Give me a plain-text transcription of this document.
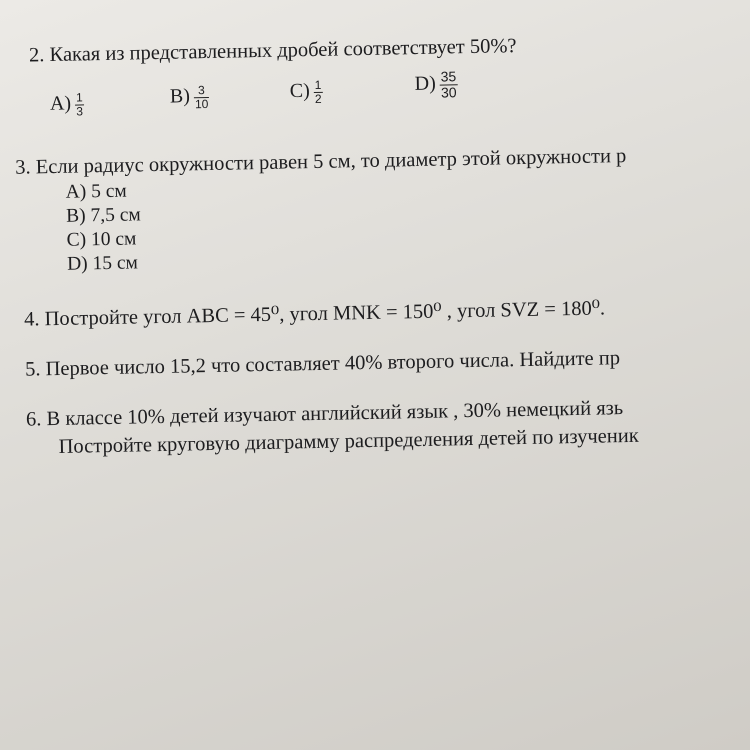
2. Какая из представленных дробей соответствует 50%?
$A) \frac{1}{3}$	$B) \frac{3}{10}$	$C) \frac{1}{2}$	$D) \frac{35}{30}$
3. Если радиус окружности равен 5 см, то диаметр этой окружности р
A) 5 см
B) 7,5 см
C) 10 см
D) 15 см
4. Постройте угол ABC = 45⁰, угол MNK = 150⁰ , угол SVZ = 180⁰.
5. Первое число 15,2 что составляет 40% второго числа. Найдите пр
6. В классе 10% детей изучают английский язык , 30% немецкий язь
Постройте круговую диаграмму распределения детей по изученик
